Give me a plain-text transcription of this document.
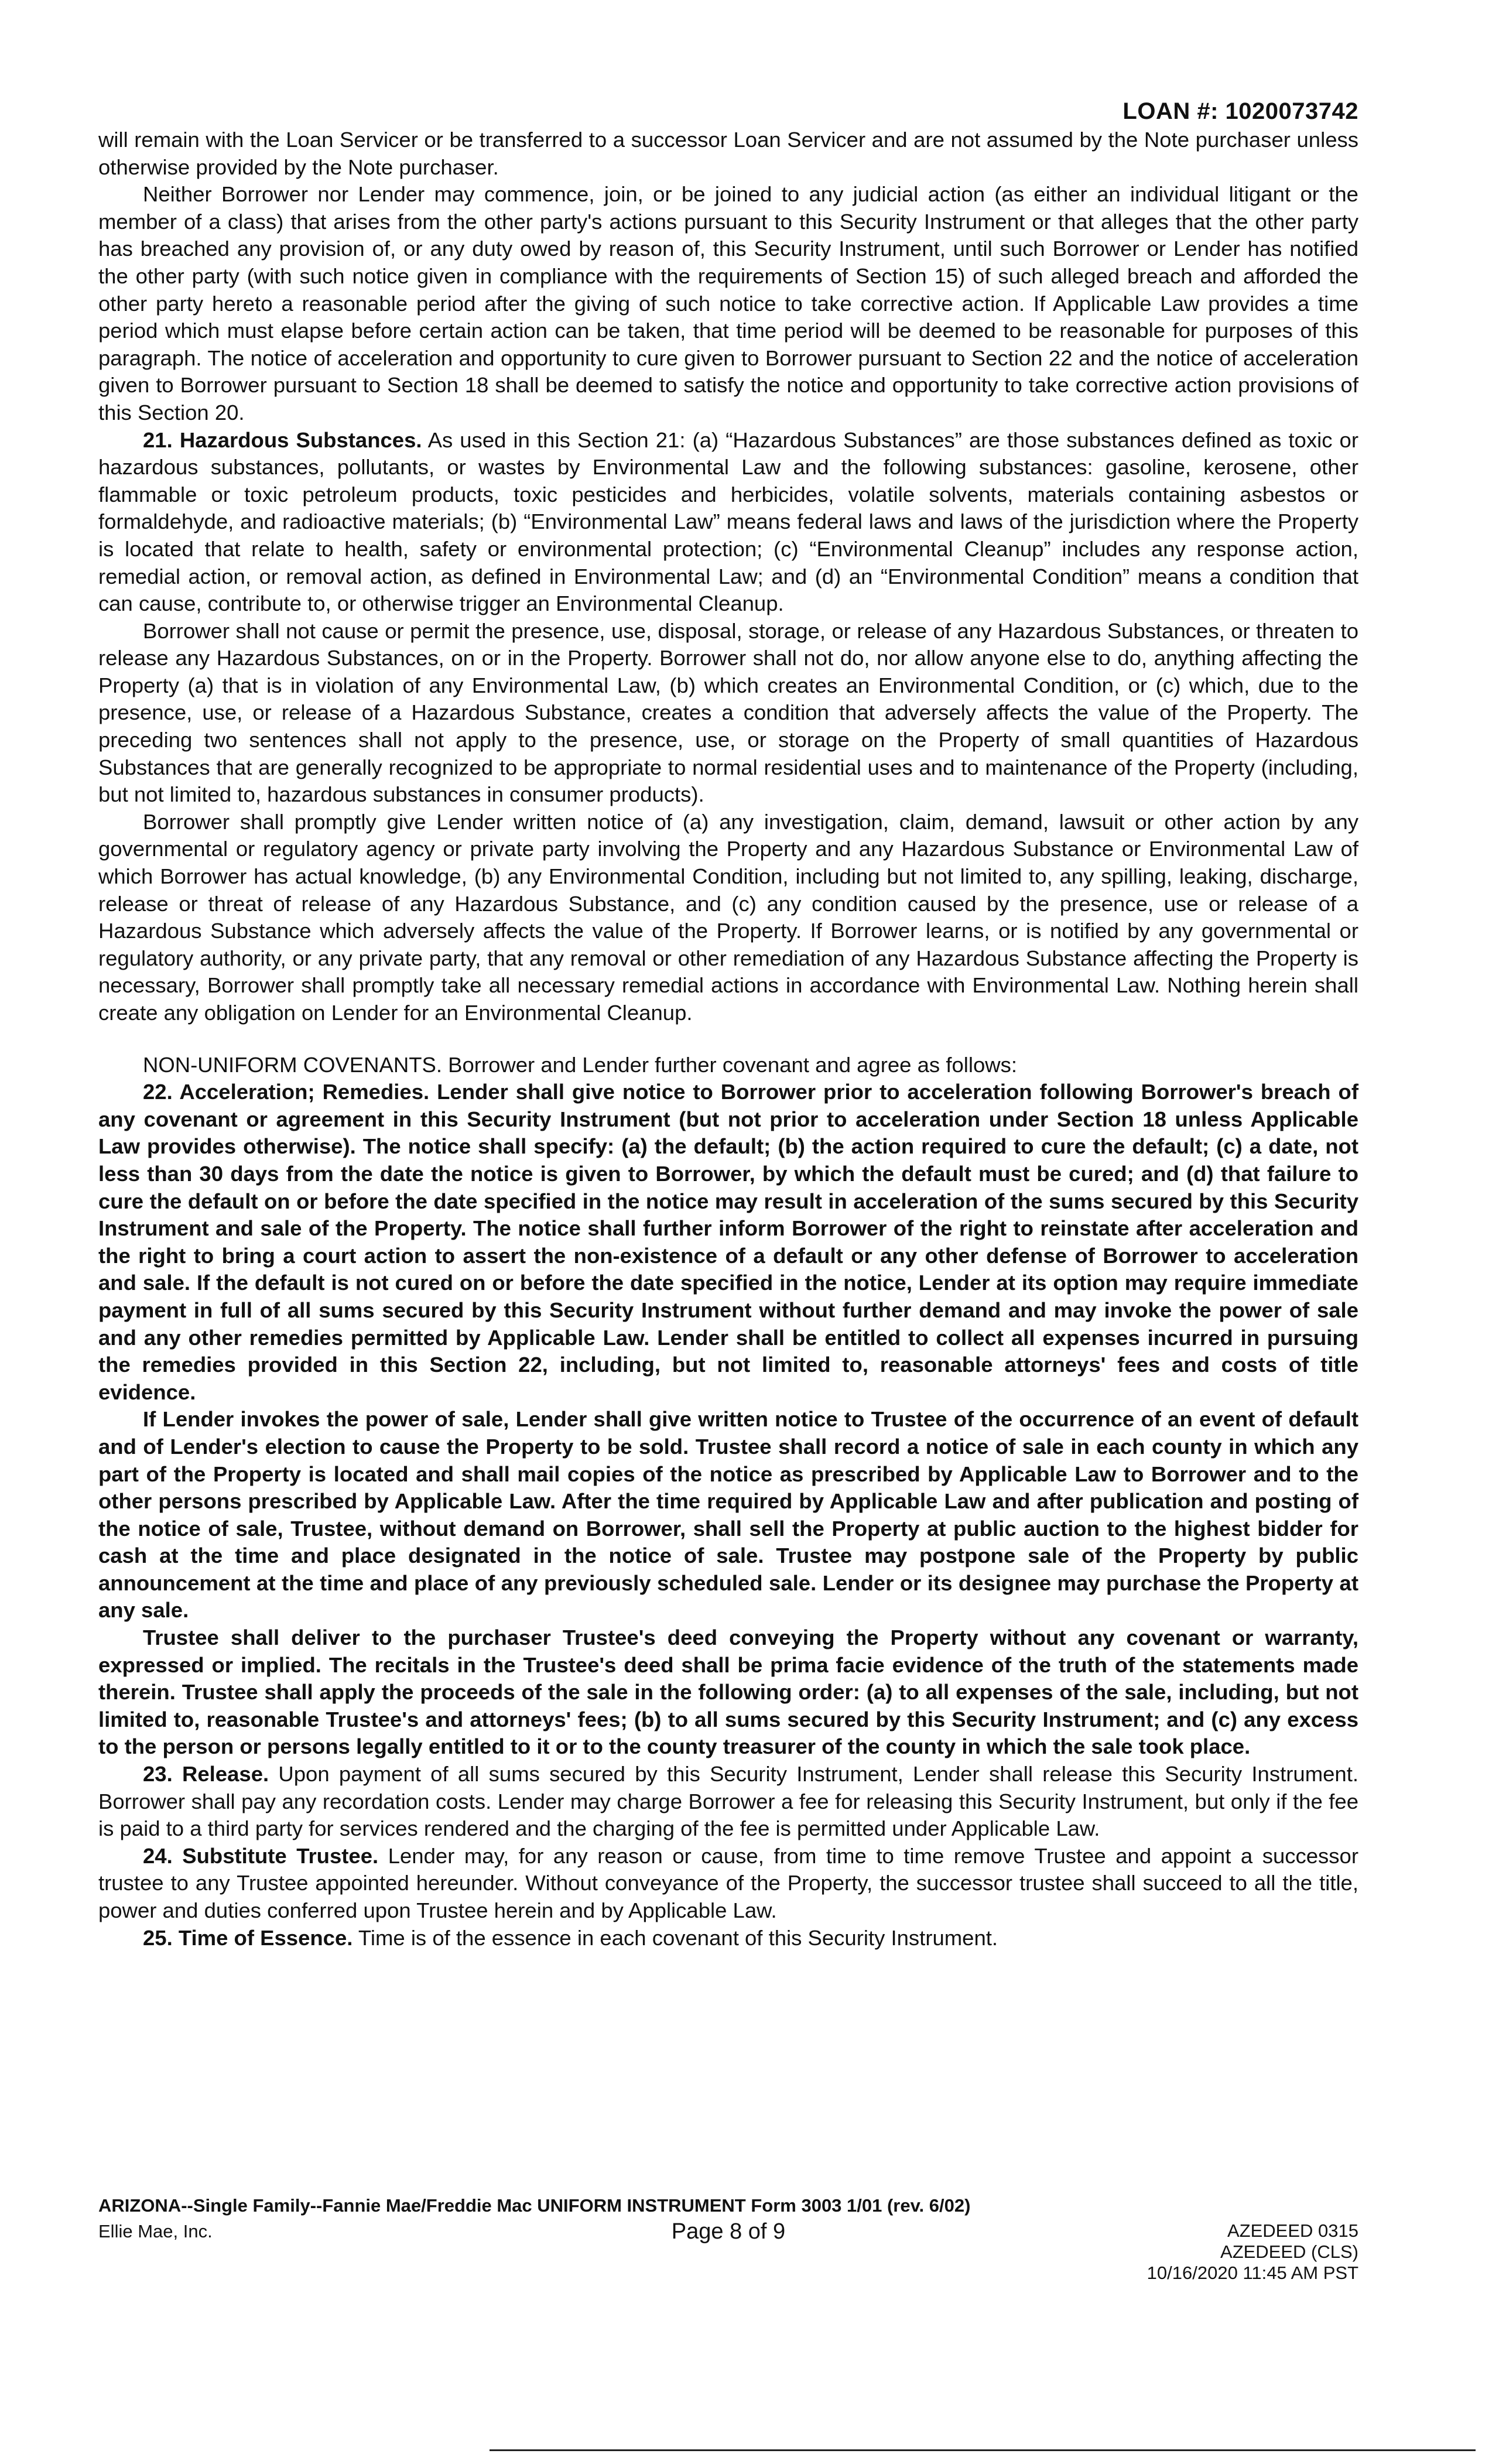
LOAN #: 1020073742

will remain with the Loan Servicer or be transferred to a successor Loan Servicer and are not assumed by the Note purchaser unless otherwise provided by the Note purchaser.

Neither Borrower nor Lender may commence, join, or be joined to any judicial action (as either an individual litigant or the member of a class) that arises from the other party's actions pursuant to this Security Instrument or that alleges that the other party has breached any provision of, or any duty owed by reason of, this Security Instrument, until such Borrower or Lender has notified the other party (with such notice given in compliance with the requirements of Section 15) of such alleged breach and afforded the other party hereto a reasonable period after the giving of such notice to take corrective action. If Applicable Law provides a time period which must elapse before certain action can be taken, that time period will be deemed to be reasonable for purposes of this paragraph. The notice of acceleration and opportunity to cure given to Borrower pursuant to Section 22 and the notice of acceleration given to Borrower pursuant to Section 18 shall be deemed to satisfy the notice and opportunity to take corrective action provisions of this Section 20.

21. Hazardous Substances. As used in this Section 21: (a) “Hazardous Substances” are those substances defined as toxic or hazardous substances, pollutants, or wastes by Environmental Law and the following substances: gasoline, kerosene, other flammable or toxic petroleum products, toxic pesticides and herbicides, volatile solvents, materials containing asbestos or formaldehyde, and radioactive materials; (b) “Environmental Law” means federal laws and laws of the jurisdiction where the Property is located that relate to health, safety or environmental protection; (c) “Environmental Cleanup” includes any response action, remedial action, or removal action, as defined in Environmental Law; and (d) an “Environmental Condition” means a condition that can cause, contribute to, or otherwise trigger an Environmental Cleanup.

Borrower shall not cause or permit the presence, use, disposal, storage, or release of any Hazardous Substances, or threaten to release any Hazardous Substances, on or in the Property. Borrower shall not do, nor allow anyone else to do, anything affecting the Property (a) that is in violation of any Environmental Law, (b) which creates an Environmental Condition, or (c) which, due to the presence, use, or release of a Hazardous Substance, creates a condition that adversely affects the value of the Property. The preceding two sentences shall not apply to the presence, use, or storage on the Property of small quantities of Hazardous Substances that are generally recognized to be appropriate to normal residential uses and to maintenance of the Property (including, but not limited to, hazardous substances in consumer products).

Borrower shall promptly give Lender written notice of (a) any investigation, claim, demand, lawsuit or other action by any governmental or regulatory agency or private party involving the Property and any Hazardous Substance or Environmental Law of which Borrower has actual knowledge, (b) any Environmental Condition, including but not limited to, any spilling, leaking, discharge, release or threat of release of any Hazardous Substance, and (c) any condition caused by the presence, use or release of a Hazardous Substance which adversely affects the value of the Property. If Borrower learns, or is notified by any governmental or regulatory authority, or any private party, that any removal or other remediation of any Hazardous Substance affecting the Property is necessary, Borrower shall promptly take all necessary remedial actions in accordance with Environmental Law. Nothing herein shall create any obligation on Lender for an Environmental Cleanup.

NON-UNIFORM COVENANTS. Borrower and Lender further covenant and agree as follows:

22. Acceleration; Remedies. Lender shall give notice to Borrower prior to acceleration following Borrower's breach of any covenant or agreement in this Security Instrument (but not prior to acceleration under Section 18 unless Applicable Law provides otherwise). The notice shall specify: (a) the default; (b) the action required to cure the default; (c) a date, not less than 30 days from the date the notice is given to Borrower, by which the default must be cured; and (d) that failure to cure the default on or before the date specified in the notice may result in acceleration of the sums secured by this Security Instrument and sale of the Property. The notice shall further inform Borrower of the right to reinstate after acceleration and the right to bring a court action to assert the non-existence of a default or any other defense of Borrower to acceleration and sale. If the default is not cured on or before the date specified in the notice, Lender at its option may require immediate payment in full of all sums secured by this Security Instrument without further demand and may invoke the power of sale and any other remedies permitted by Applicable Law. Lender shall be entitled to collect all expenses incurred in pursuing the remedies provided in this Section 22, including, but not limited to, reasonable attorneys' fees and costs of title evidence.

If Lender invokes the power of sale, Lender shall give written notice to Trustee of the occurrence of an event of default and of Lender's election to cause the Property to be sold. Trustee shall record a notice of sale in each county in which any part of the Property is located and shall mail copies of the notice as prescribed by Applicable Law to Borrower and to the other persons prescribed by Applicable Law. After the time required by Applicable Law and after publication and posting of the notice of sale, Trustee, without demand on Borrower, shall sell the Property at public auction to the highest bidder for cash at the time and place designated in the notice of sale. Trustee may postpone sale of the Property by public announcement at the time and place of any previously scheduled sale. Lender or its designee may purchase the Property at any sale.

Trustee shall deliver to the purchaser Trustee's deed conveying the Property without any covenant or warranty, expressed or implied. The recitals in the Trustee's deed shall be prima facie evidence of the truth of the statements made therein. Trustee shall apply the proceeds of the sale in the following order: (a) to all expenses of the sale, including, but not limited to, reasonable Trustee's and attorneys' fees; (b) to all sums secured by this Security Instrument; and (c) any excess to the person or persons legally entitled to it or to the county treasurer of the county in which the sale took place.

23. Release. Upon payment of all sums secured by this Security Instrument, Lender shall release this Security Instrument. Borrower shall pay any recordation costs. Lender may charge Borrower a fee for releasing this Security Instrument, but only if the fee is paid to a third party for services rendered and the charging of the fee is permitted under Applicable Law.

24. Substitute Trustee. Lender may, for any reason or cause, from time to time remove Trustee and appoint a successor trustee to any Trustee appointed hereunder. Without conveyance of the Property, the successor trustee shall succeed to all the title, power and duties conferred upon Trustee herein and by Applicable Law.

25. Time of Essence. Time is of the essence in each covenant of this Security Instrument.

ARIZONA--Single Family--Fannie Mae/Freddie Mac UNIFORM INSTRUMENT Form 3003 1/01 (rev. 6/02)
Ellie Mae, Inc.	Page 8 of 9	AZEDEED 0315
AZEDEED (CLS)
10/16/2020 11:45 AM PST
